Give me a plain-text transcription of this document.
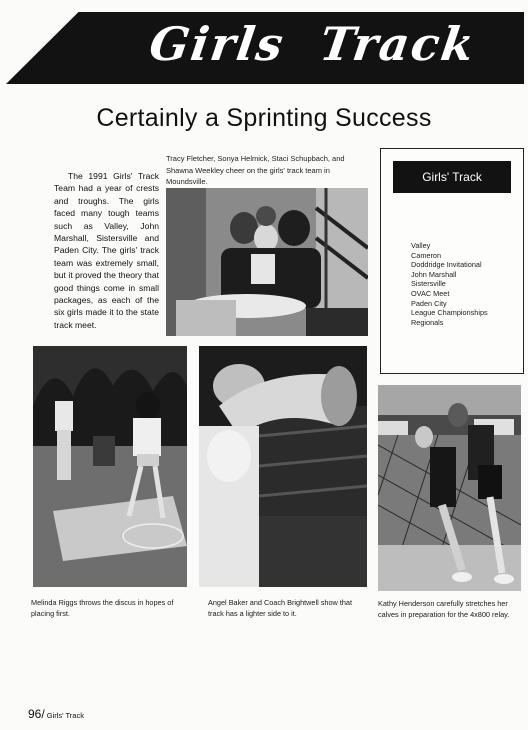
Girls  Track
Certainly a Sprinting Success
Tracy Fletcher, Sonya Helmick, Staci Schupbach, and Shawna Weekley cheer on the girls' track team in Moundsville.
The 1991 Girls' Track Team had a year of crests and troughs. The girls faced many tough teams such as Valley, John Marshall, Sistersville and Paden City. The girls' track team was extremely small, but it proved the theory that good things come in small packages, as each of the six girls made it to the state track meet.
Girls' Track
Valley
Cameron
Doddridge Invitational
John Marshall
Sistersville
OVAC Meet
Paden City
League Championships
Regionals
Melinda Riggs throws the discus in hopes of placing first.
Angel Baker and Coach Brightwell show that track has a lighter side to it.
Kathy Henderson carefully stretches her calves in preparation for the 4x800 relay.
96/ Girls' Track
